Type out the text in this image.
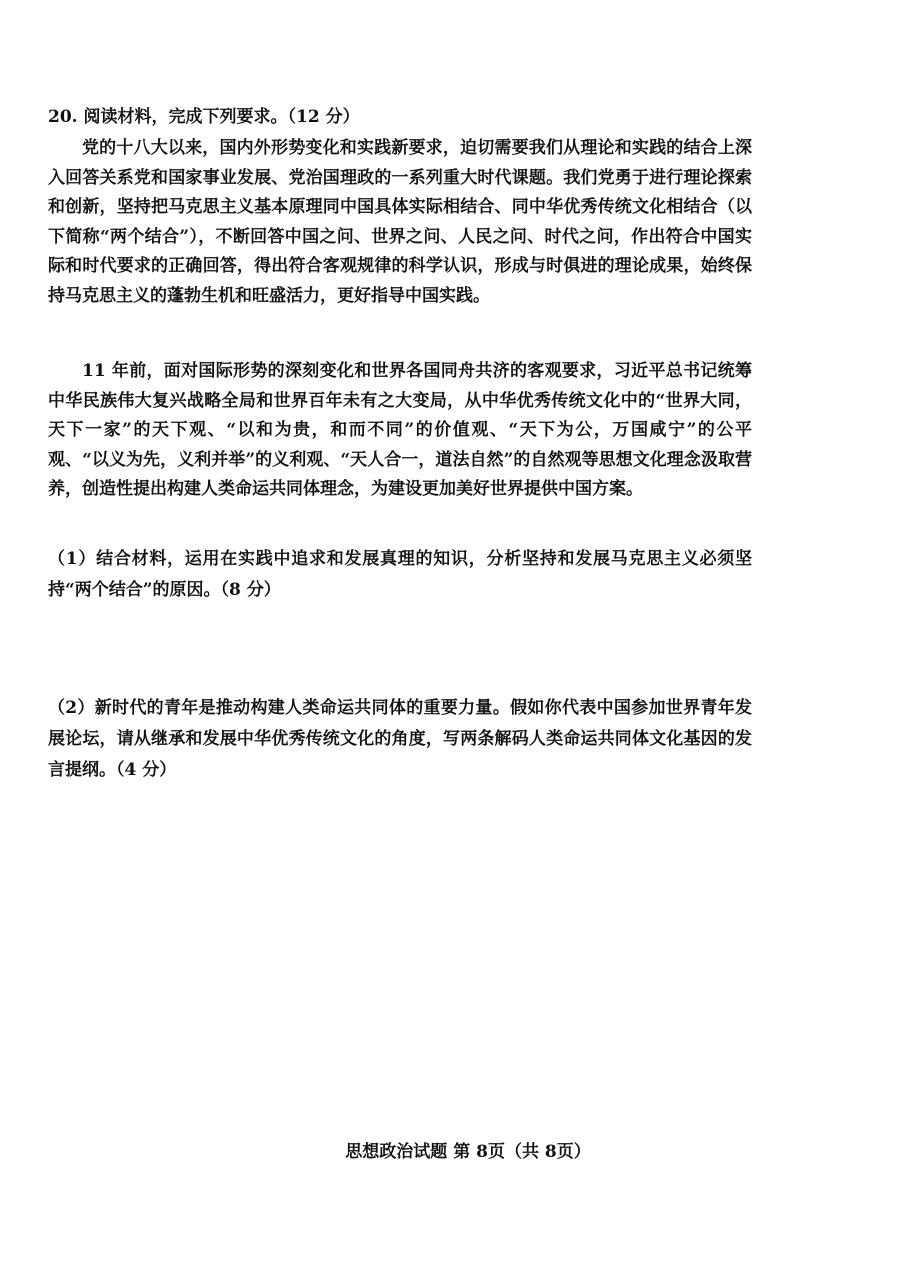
20. 阅读材料，完成下列要求。（12 分）

党的十八大以来，国内外形势变化和实践新要求，迫切需要我们从理论和实践的结合上深入回答关系党和国家事业发展、党治国理政的一系列重大时代课题。我们党勇于进行理论探索和创新，坚持把马克思主义基本原理同中国具体实际相结合、同中华优秀传统文化相结合（以下简称“两个结合”），不断回答中国之问、世界之问、人民之问、时代之问，作出符合中国实际和时代要求的正确回答，得出符合客观规律的科学认识，形成与时俱进的理论成果，始终保持马克思主义的蓬勃生机和旺盛活力，更好指导中国实践。

11 年前，面对国际形势的深刻变化和世界各国同舟共济的客观要求，习近平总书记统筹中华民族伟大复兴战略全局和世界百年未有之大变局，从中华优秀传统文化中的“世界大同，天下一家”的天下观、“以和为贵，和而不同”的价值观、“天下为公，万国咸宁”的公平观、“以义为先，义利并举”的义利观、“天人合一，道法自然”的自然观等思想文化理念汲取营养，创造性提出构建人类命运共同体理念，为建设更加美好世界提供中国方案。

（1）结合材料，运用在实践中追求和发展真理的知识，分析坚持和发展马克思主义必须坚持“两个结合”的原因。（8 分）

（2）新时代的青年是推动构建人类命运共同体的重要力量。假如你代表中国参加世界青年发展论坛，请从继承和发展中华优秀传统文化的角度，写两条解码人类命运共同体文化基因的发言提纲。（4 分）

思想政治试题 第 8页（共 8页）
